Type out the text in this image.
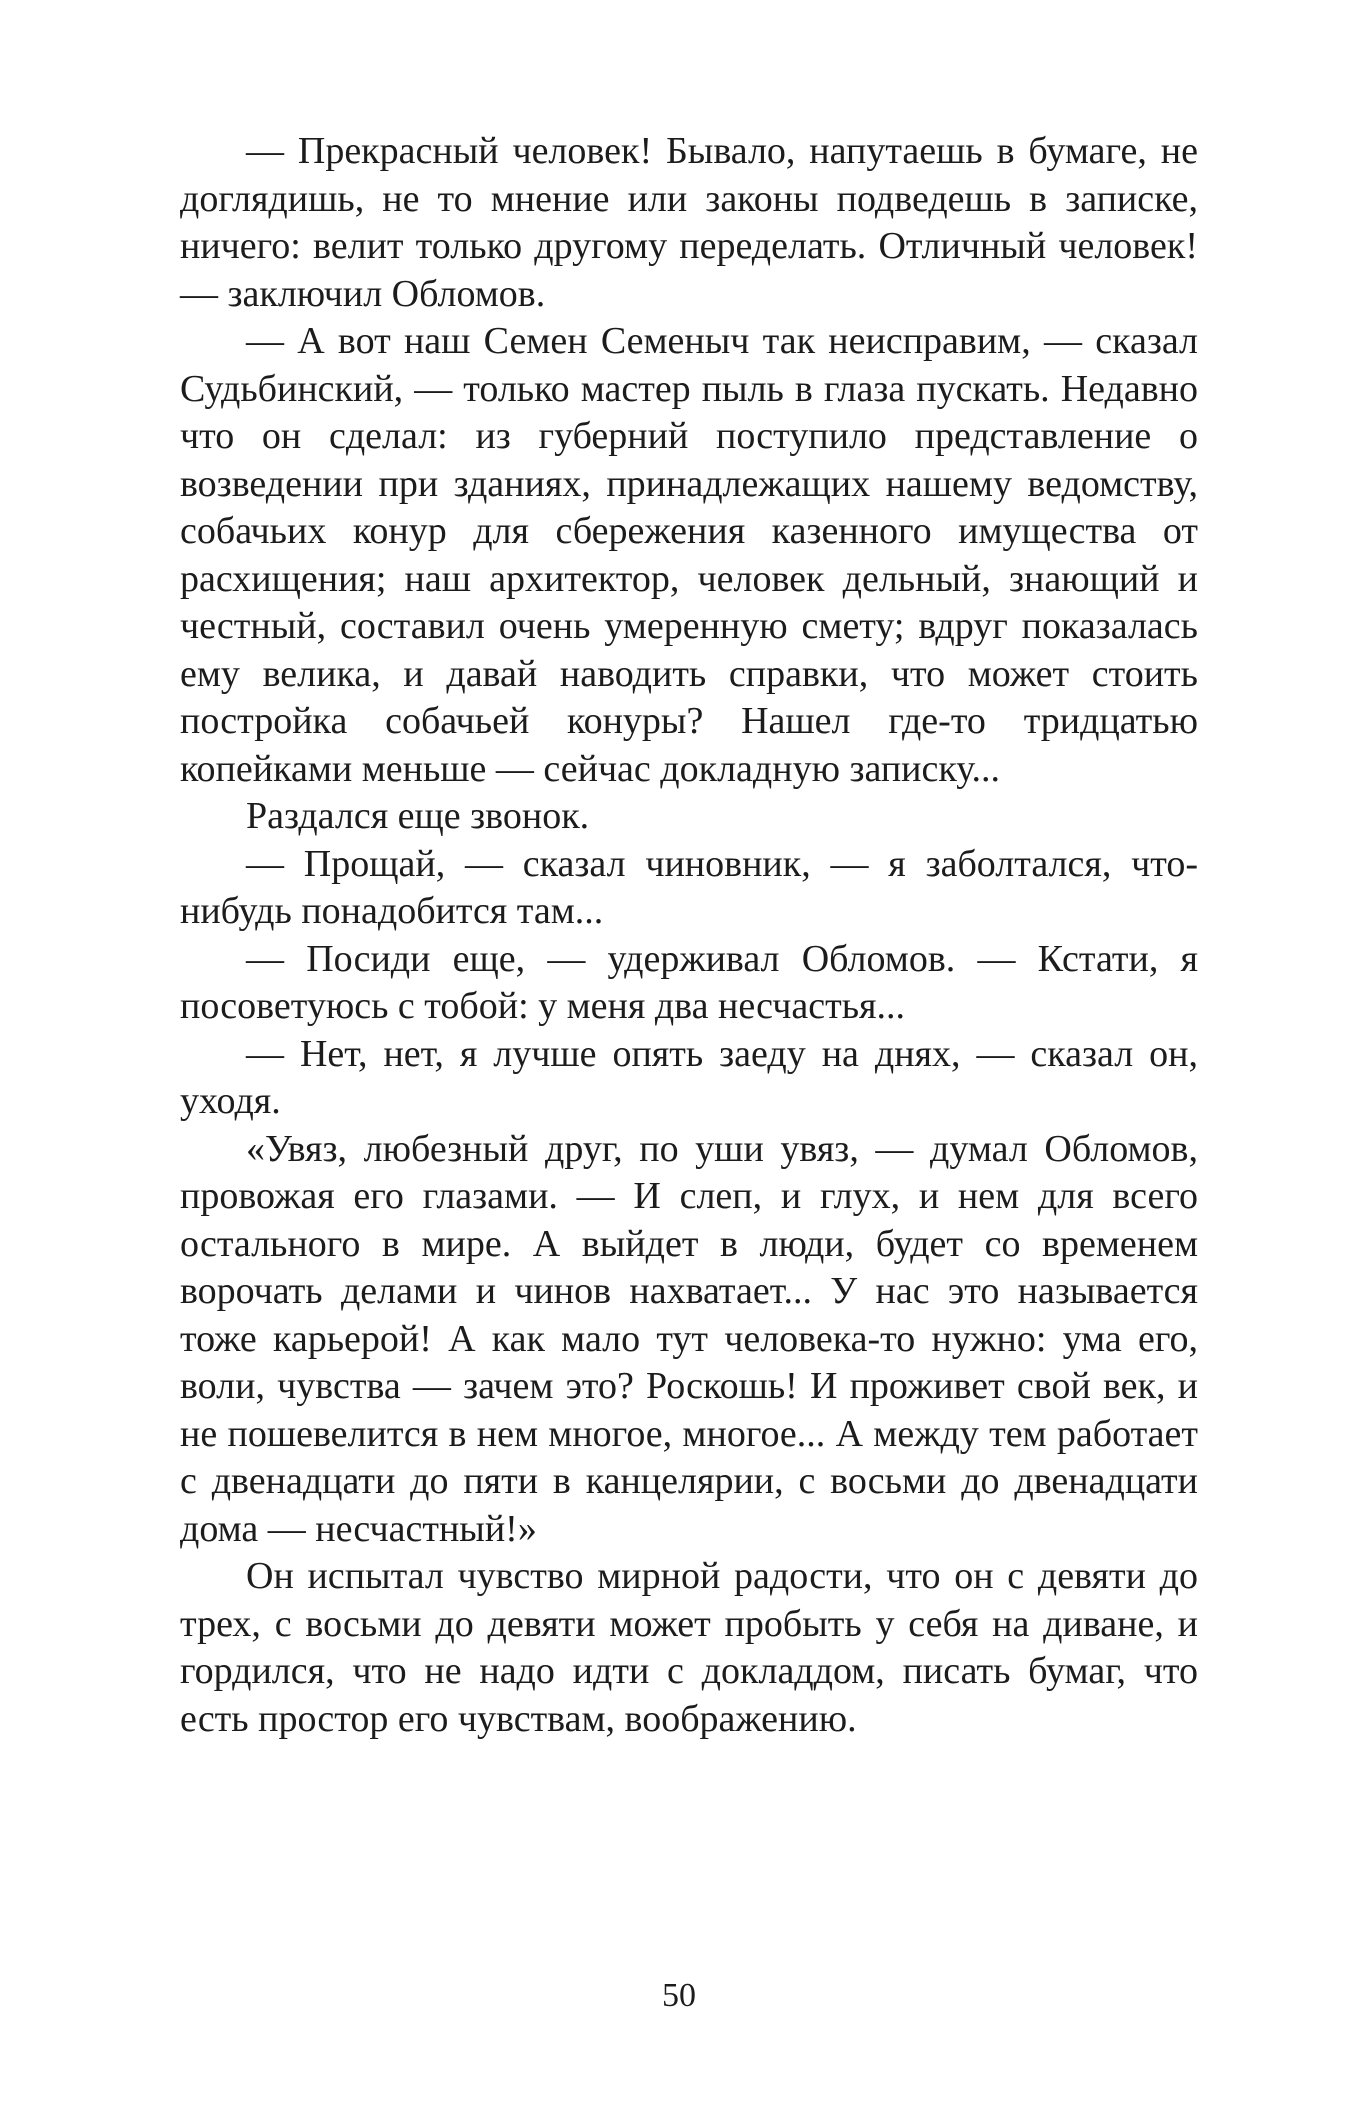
— Прекрасный человек! Бывало, напутаешь в бумаге, не доглядишь, не то мнение или законы подведешь в записке, ничего: велит только другому переделать. Отличный человек! — заключил Обломов.

— А вот наш Семен Семеныч так неисправим, — сказал Судьбинский, — только мастер пыль в глаза пускать. Недавно что он сделал: из губерний поступило представление о возведении при зданиях, принадлежащих нашему ведомству, собачьих конур для сбережения казенного имущества от расхищения; наш архитектор, человек дельный, знающий и честный, составил очень умеренную смету; вдруг показалась ему велика, и давай наводить справки, что может стоить постройка собачьей конуры? Нашел где-то тридцатью копейками меньше — сейчас докладную записку...

Раздался еще звонок.

— Прощай, — сказал чиновник, — я заболтался, что-нибудь понадобится там...

— Посиди еще, — удерживал Обломов. — Кстати, я посоветуюсь с тобой: у меня два несчастья...

— Нет, нет, я лучше опять заеду на днях, — сказал он, уходя.

«Увяз, любезный друг, по уши увяз, — думал Обломов, провожая его глазами. — И слеп, и глух, и нем для всего остального в мире. А выйдет в люди, будет со временем ворочать делами и чинов нахватает... У нас это называется тоже карьерой! А как мало тут человека-то нужно: ума его, воли, чувства — зачем это? Роскошь! И проживет свой век, и не пошевелится в нем многое, многое... А между тем работает с двенадцати до пяти в канцелярии, с восьми до двенадцати дома — несчастный!»

Он испытал чувство мирной радости, что он с девяти до трех, с восьми до девяти может пробыть у себя на диване, и гордился, что не надо идти с докладдом, писать бумаг, что есть простор его чувствам, воображению.

50
